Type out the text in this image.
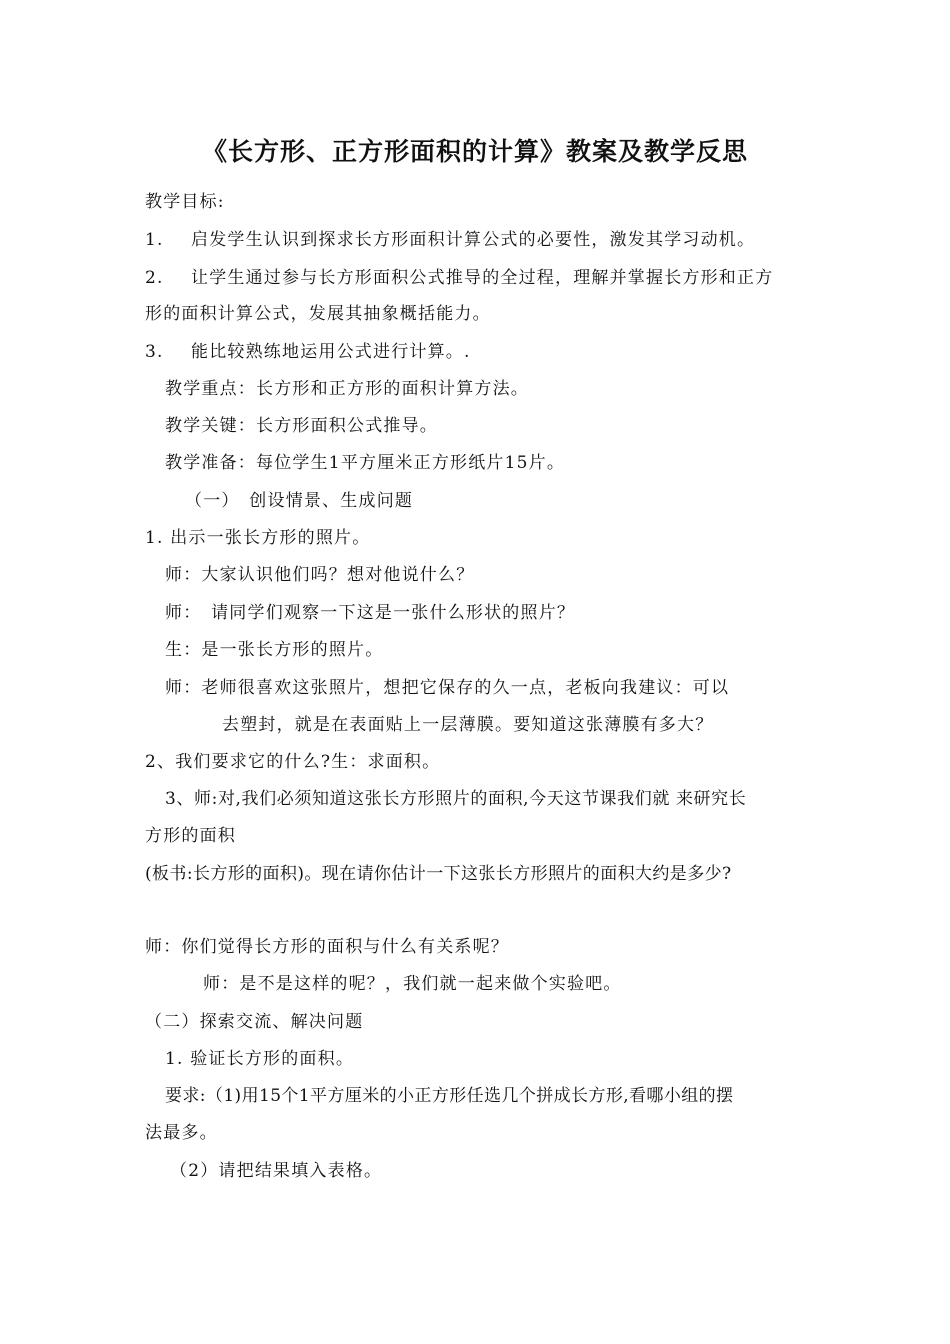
《长方形、正方形面积的计算》教案及教学反思
教学目标:
1. 启发学生认识到探求长方形面积计算公式的必要性，激发其学习动机。
2. 让学生通过参与长方形面积公式推导的全过程，理解并掌握长方形和正方
形的面积计算公式，发展其抽象概括能力。
3. 能比较熟练地运用公式进行计算。.
教学重点：长方形和正方形的面积计算方法。
教学关键：长方形面积公式推导。
教学准备：每位学生1平方厘米正方形纸片15片。
（一）　创设情景、生成问题
1. 出示一张长方形的照片。
师：大家认识他们吗？想对他说什么？
师：　请同学们观察一下这是一张什么形状的照片？
生：是一张长方形的照片。
师：老师很喜欢这张照片，想把它保存的久一点，老板向我建议：可以
去塑封，就是在表面贴上一层薄膜。要知道这张薄膜有多大？
2、我们要求它的什么?生：求面积。
3、师:对,我们必须知道这张长方形照片的面积,今天这节课我们就 来研究长
方形的面积
(板书:长方形的面积)。现在请你估计一下这张长方形照片的面积大约是多少?
师：你们觉得长方形的面积与什么有关系呢？
师：是不是这样的呢？，我们就一起来做个实验吧。
（二）探索交流、解决问题
1. 验证长方形的面积。
要求:（1)用15个1平方厘米的小正方形任选几个拼成长方形,看哪小组的摆
法最多。
（2）请把结果填入表格。
